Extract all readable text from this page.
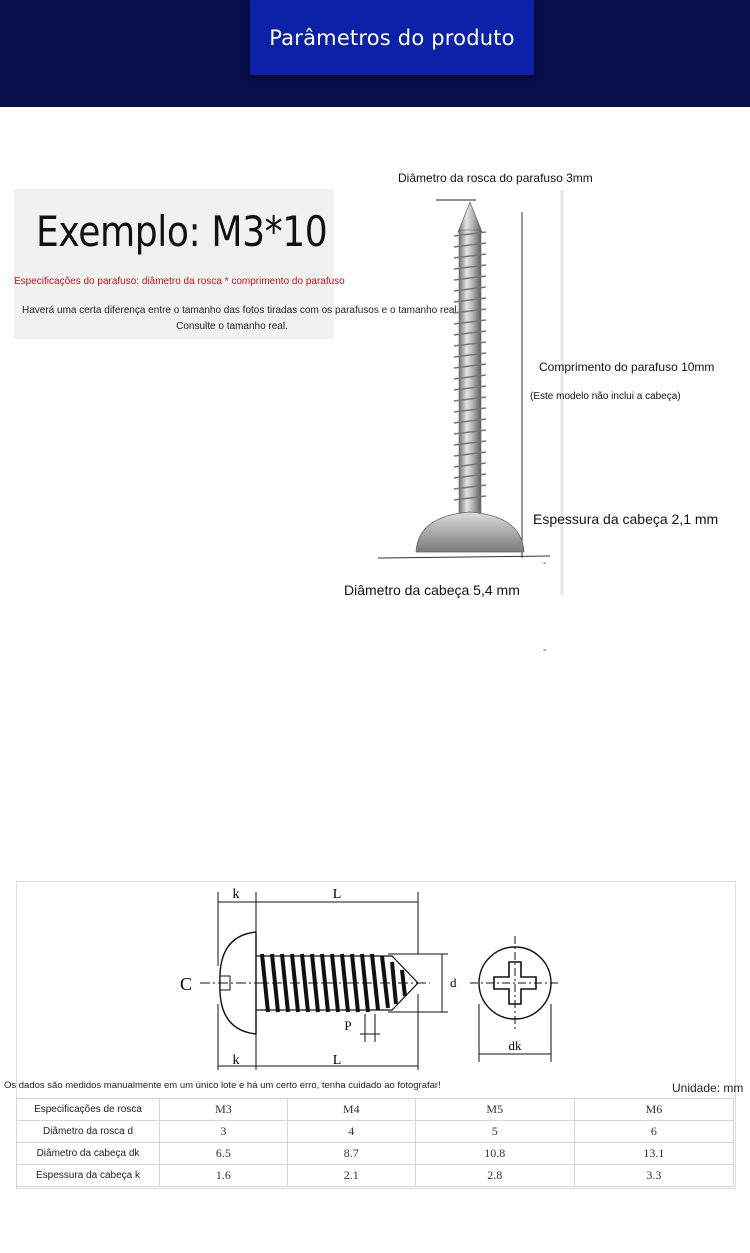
Parâmetros do produto
Exemplo: M3*10
Especificações do parafuso: diâmetro da rosca * comprimento do parafuso
Haverá uma certa diferença entre o tamanho das fotos tiradas com os parafusos e o tamanho real.
Consulte o tamanho real.
Diâmetro da rosca do parafuso 3mm
Comprimento do parafuso 10mm
(Este modelo não inclui a cabeça)
Espessura da cabeça 2,1 mm
Diâmetro da cabeça 5,4 mm
-
-
k	L
k	L
d
P
dk
C
Os dados são medidos manualmente em um único lote e há um certo erro, tenha cuidado ao fotografar!	Unidade: mm
Especificações de rosca	M3	M4	M5	M6
Diâmetro da rosca d	3	4	5	6
Diâmetro da cabeça dk	6.5	8.7	10.8	13.1
Espessura da cabeça k	1.6	2.1	2.8	3.3
